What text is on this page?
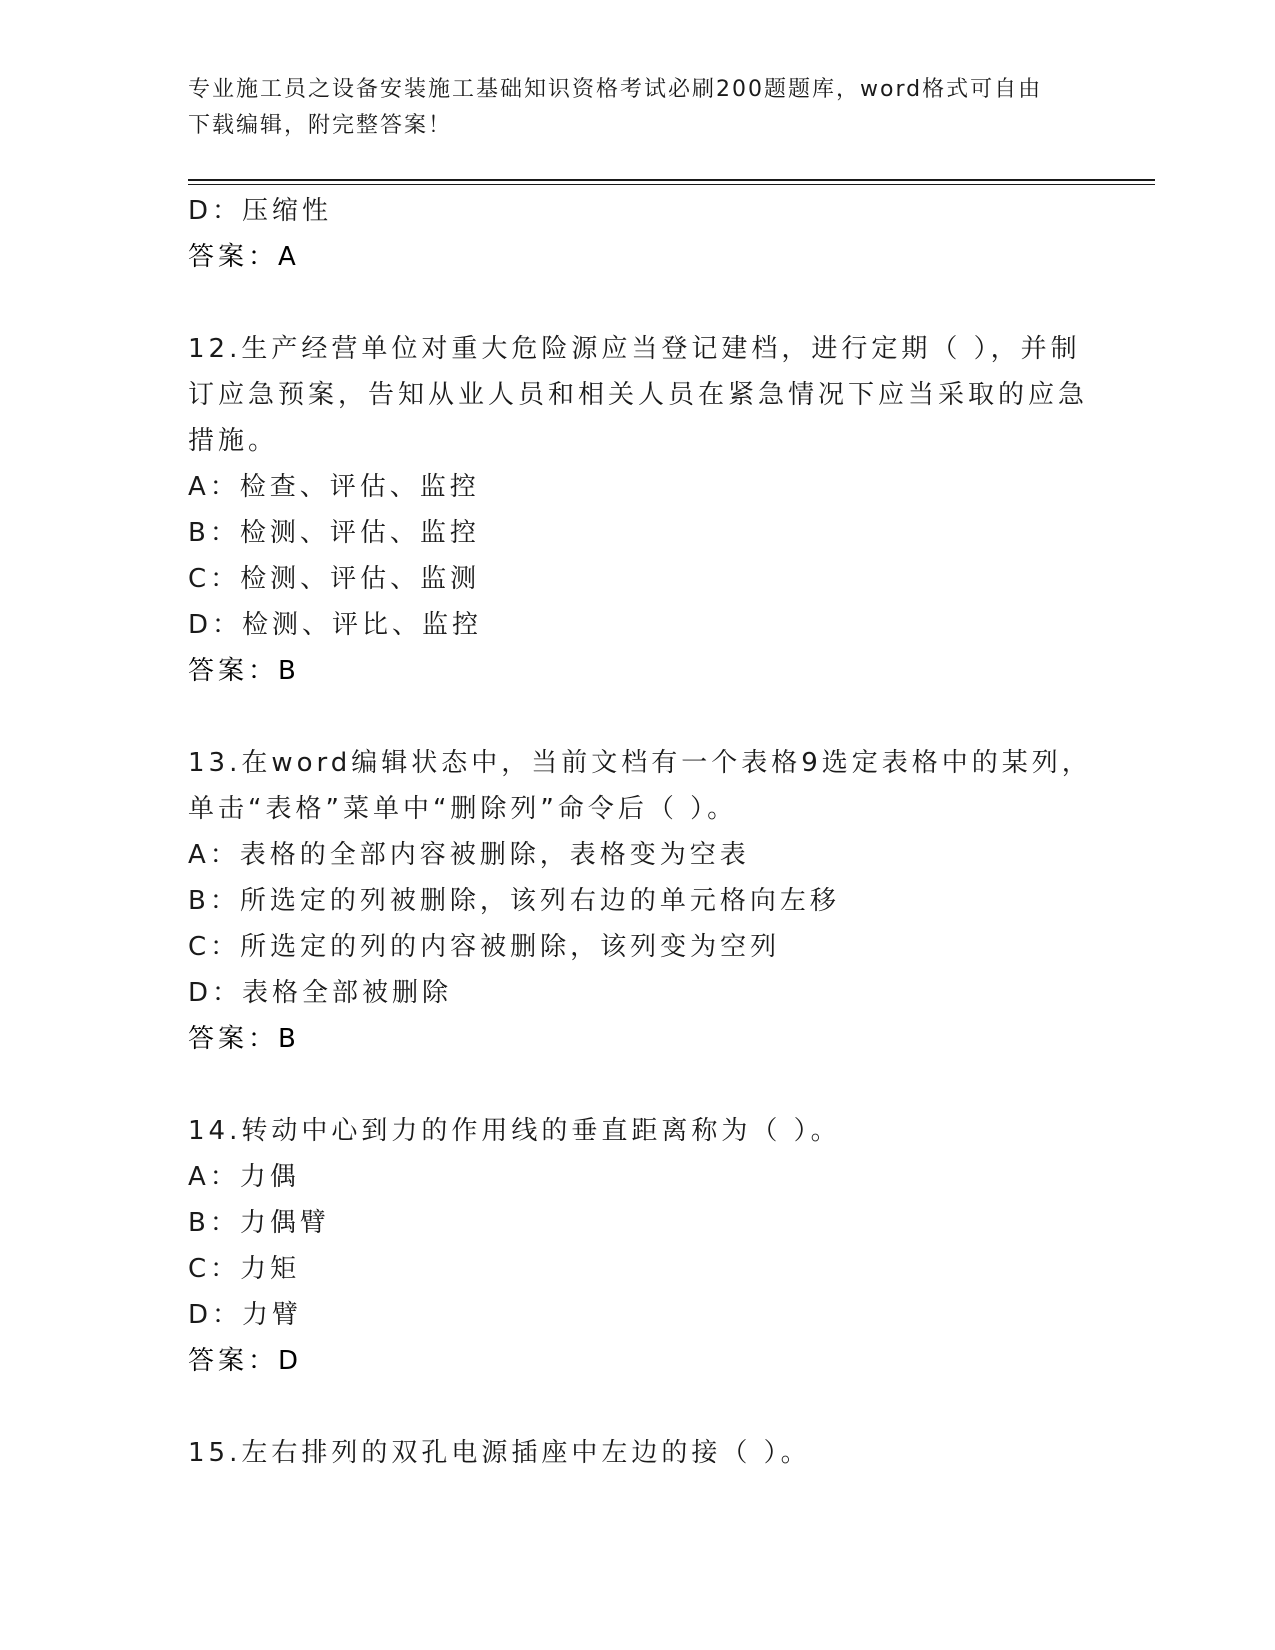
专业施工员之设备安装施工基础知识资格考试必刷200题题库，word格式可自由
下载编辑，附完整答案！
D：压缩性
答案：A
12.生产经营单位对重大危险源应当登记建档，进行定期（ ），并制
订应急预案，告知从业人员和相关人员在紧急情况下应当采取的应急
措施。
A：检查、评估、监控
B：检测、评估、监控
C：检测、评估、监测
D：检测、评比、监控
答案：B
13.在word编辑状态中，当前文档有一个表格9选定表格中的某列，
单击“表格”菜单中“删除列”命令后（ ）。
A：表格的全部内容被删除，表格变为空表
B：所选定的列被删除，该列右边的单元格向左移
C：所选定的列的内容被删除，该列变为空列
D：表格全部被删除
答案：B
14.转动中心到力的作用线的垂直距离称为（ ）。
A：力偶
B：力偶臂
C：力矩
D：力臂
答案：D
15.左右排列的双孔电源插座中左边的接（ ）。
